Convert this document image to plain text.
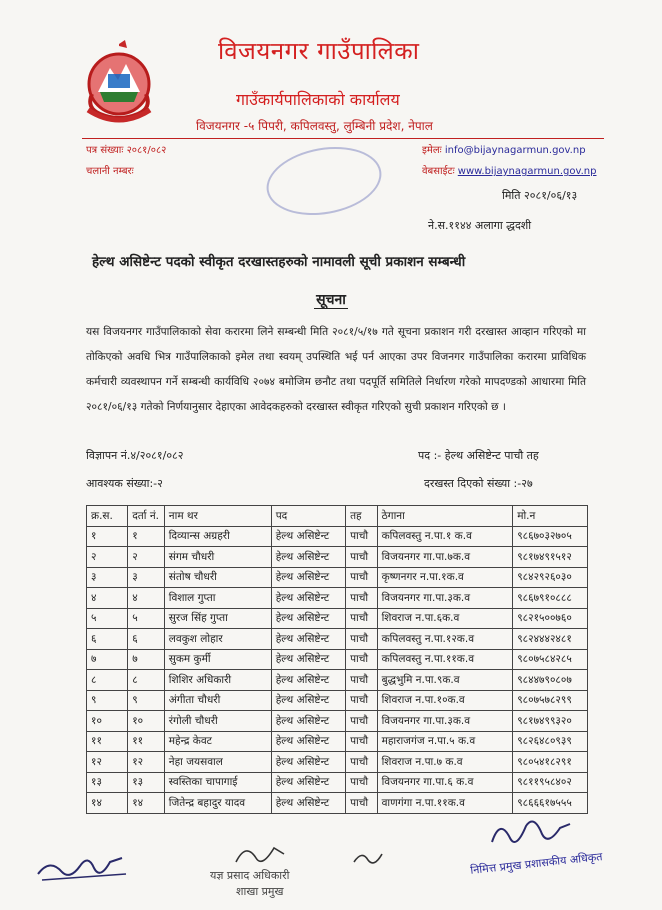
विजयनगर गाउँपालिका
गाउँकार्यपालिकाको कार्यालय
विजयनगर -५ पिपरी, कपिलवस्तु, लुम्बिनी प्रदेश, नेपाल
पत्र संख्याः २०८१/०८२
चलानी नम्बरः
इमेलः info@bijaynagarmun.gov.np
वेबसाईटः www.bijaynagarmun.gov.np
मिति २०८१/०६/१३
ने.स.११४४ अलागा द्धदशी
हेल्थ असिष्टेन्ट पदको स्वीकृत दरखास्तहरुको नामावली सूची प्रकाशन सम्बन्धी
सूचना
यस विजयनगर गाउँपालिकाको सेवा करारमा लिने सम्बन्धी मिति २०८१/५/१७ गते सूचना प्रकाशन गरी दरखास्त आव्हान गरिएको मा तोकिएको अवधि भित्र गाउँपालिकाको इमेल तथा स्वयम् उपस्थिति भई पर्न आएका उपर विजनगर गाउँपालिका करारमा प्राविधिक कर्मचारी व्यवस्थापन गर्ने सम्बन्धी कार्यविधि २०७४ बमोजिम छनौट तथा पदपूर्ति समितिले निर्धारण गरेको मापदण्डको आधारमा मिति २०८१/०६/१३ गतेको निर्णयानुसार देहाएका आवेदकहरुको दरखास्त स्वीकृत गरिएको सुची प्रकाशन गरिएको छ ।
विज्ञापन नं.४/२०८१/०८२	पद :- हेल्थ असिष्टेन्ट पाचौ तह
आवश्यक संख्या:-२	दरखस्त दिएको संख्या :-२७
क्र.स.	दर्ता नं.	नाम थर	पद	तह	ठेगाना	मो.न
१	१	दिव्यान्स अग्रहरी	हेल्थ असिष्टेन्ट	पाचौ	कपिलवस्तु न.पा.१ क.व	९८६७०३२७०५
२	२	संगम चौधरी	हेल्थ असिष्टेन्ट	पाचौ	विजयनगर गा.पा.७क.व	९८१७४९१५१२
३	३	संतोष चौधरी	हेल्थ असिष्टेन्ट	पाचौ	कृष्णनगर न.पा.१क.व	९८४२९२६०३०
४	४	विशाल गुप्ता	हेल्थ असिष्टेन्ट	पाचौ	विजयनगर गा.पा.३क.व	९८६७९१०८८८
५	५	सुरज सिंह गुप्ता	हेल्थ असिष्टेन्ट	पाचौ	शिवराज न.पा.६क.व	९८२१५००७६०
६	६	लवकुश लोहार	हेल्थ असिष्टेन्ट	पाचौ	कपिलवस्तु न.पा.१२क.व	९८२४४४२४८१
७	७	सुकम कुर्मी	हेल्थ असिष्टेन्ट	पाचौ	कपिलवस्तु न.पा.११क.व	९८०७५८४२८५
८	८	शिशिर अधिकारी	हेल्थ असिष्टेन्ट	पाचौ	बुद्धभुमि न.पा.९क.व	९८४४७९०८०७
९	९	अंगीता चौधरी	हेल्थ असिष्टेन्ट	पाचौ	शिवराज न.पा.१०क.व	९८०७५७८२९९
१०	१०	रंगोली चौधरी	हेल्थ असिष्टेन्ट	पाचौ	विजयनगर गा.पा.३क.व	९८१७४९९३२०
११	११	महेन्द्र केवट	हेल्थ असिष्टेन्ट	पाचौ	महाराजगंज न.पा.५ क.व	९८२६४८०९३९
१२	१२	नेहा जयसवाल	हेल्थ असिष्टेन्ट	पाचौ	शिवराज न.पा.७ क.व	९८०५४१८२९१
१३	१३	स्वस्तिका चापागाई	हेल्थ असिष्टेन्ट	पाचौ	विजयनगर गा.पा.६ क.व	९८११९५८४०२
१४	१४	जितेन्द्र बहादुर यादव	हेल्थ असिष्टेन्ट	पाचौ	वाणगंगा न.पा.११क.व	९८६६६१७५५५
यज्ञ प्रसाद अधिकारी
शाखा प्रमुख
निमित्त प्रमुख प्रशासकीय अधिकृत
